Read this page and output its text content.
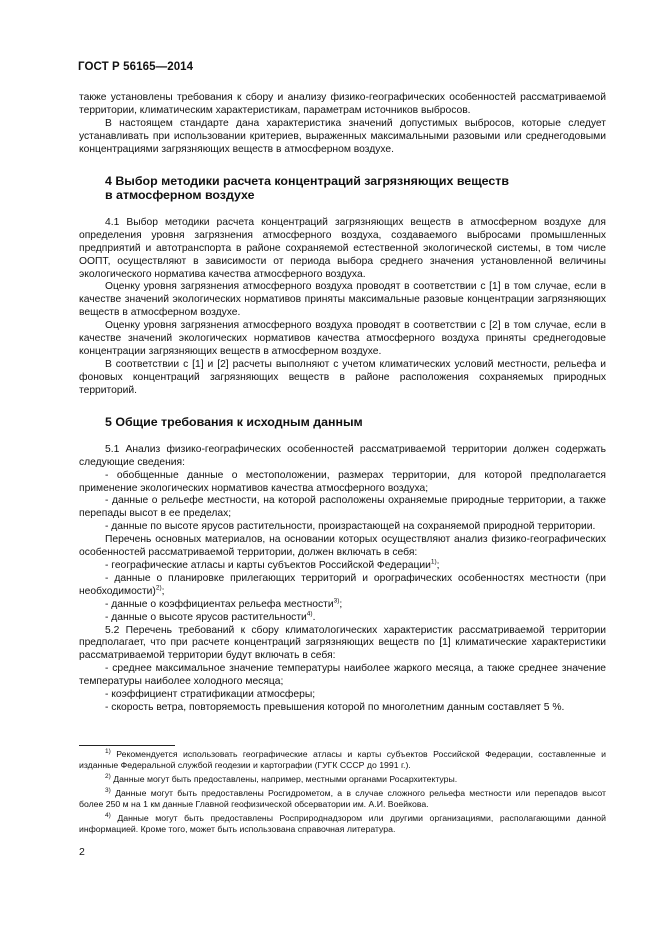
ГОСТ Р 56165—2014

также установлены требования к сбору и анализу физико-географических особенностей рассматриваемой территории, климатическим характеристикам, параметрам источников выбросов.

В настоящем стандарте дана характеристика значений допустимых выбросов, которые следует устанавливать при использовании критериев, выраженных максимальными разовыми или среднегодовыми концентрациями загрязняющих веществ в атмосферном воздухе.

4 Выбор методики расчета концентраций загрязняющих веществ
в атмосферном воздухе

4.1 Выбор методики расчета концентраций загрязняющих веществ в атмосферном воздухе для определения уровня загрязнения атмосферного воздуха, создаваемого выбросами промышленных предприятий и автотранспорта в районе сохраняемой естественной экологической системы, в том числе ООПТ, осуществляют в зависимости от периода выбора среднего значения установленной величины экологического норматива качества атмосферного воздуха.

Оценку уровня загрязнения атмосферного воздуха проводят в соответствии с [1] в том случае, если в качестве значений экологических нормативов приняты максимальные разовые концентрации загрязняющих веществ в атмосферном воздухе.

Оценку уровня загрязнения атмосферного воздуха проводят в соответствии с [2] в том случае, если в качестве значений экологических нормативов качества атмосферного воздуха приняты среднегодовые концентрации загрязняющих веществ в атмосферном воздухе.

В соответствии с [1] и [2] расчеты выполняют с учетом климатических условий местности, рельефа и фоновых концентраций загрязняющих веществ в районе расположения сохраняемых природных территорий.

5 Общие требования к исходным данным

5.1 Анализ физико-географических особенностей рассматриваемой территории должен содержать следующие сведения:

- обобщенные данные о местоположении, размерах территории, для которой предполагается применение экологических нормативов качества атмосферного воздуха;

- данные о рельефе местности, на которой расположены охраняемые природные территории, а также перепады высот в ее пределах;

- данные по высоте ярусов растительности, произрастающей на сохраняемой природной территории.

Перечень основных материалов, на основании которых осуществляют анализ физико-географических особенностей рассматриваемой территории, должен включать в себя:

- географические атласы и карты субъектов Российской Федерации$^{1)}$;

- данные о планировке прилегающих территорий и орографических особенностях местности (при необходимости)$^{2)}$;

- данные о коэффициентах рельефа местности$^{3)}$;

- данные о высоте ярусов растительности$^{4)}$.

5.2 Перечень требований к сбору климатологических характеристик рассматриваемой территории предполагает, что при расчете концентраций загрязняющих веществ по [1] климатические характеристики рассматриваемой территории будут включать в себя:

- среднее максимальное значение температуры наиболее жаркого месяца, а также среднее значение температуры наиболее холодного месяца;

- коэффициент стратификации атмосферы;

- скорость ветра, повторяемость превышения которой по многолетним данным составляет 5 %.

$^{1)}$ Рекомендуется использовать географические атласы и карты субъектов Российской Федерации, составленные и изданные Федеральной службой геодезии и картографии (ГУГК СССР до 1991 г.).

$^{2)}$ Данные могут быть предоставлены, например, местными органами Росархитектуры.

$^{3)}$ Данные могут быть предоставлены Росгидрометом, а в случае сложного рельефа местности или перепадов высот более 250 м на 1 км данные Главной геофизической обсерватории им. А.И. Воейкова.

$^{4)}$ Данные могут быть предоставлены Росприроднадзором или другими организациями, располагающими данной информацией. Кроме того, может быть использована справочная литература.

2
